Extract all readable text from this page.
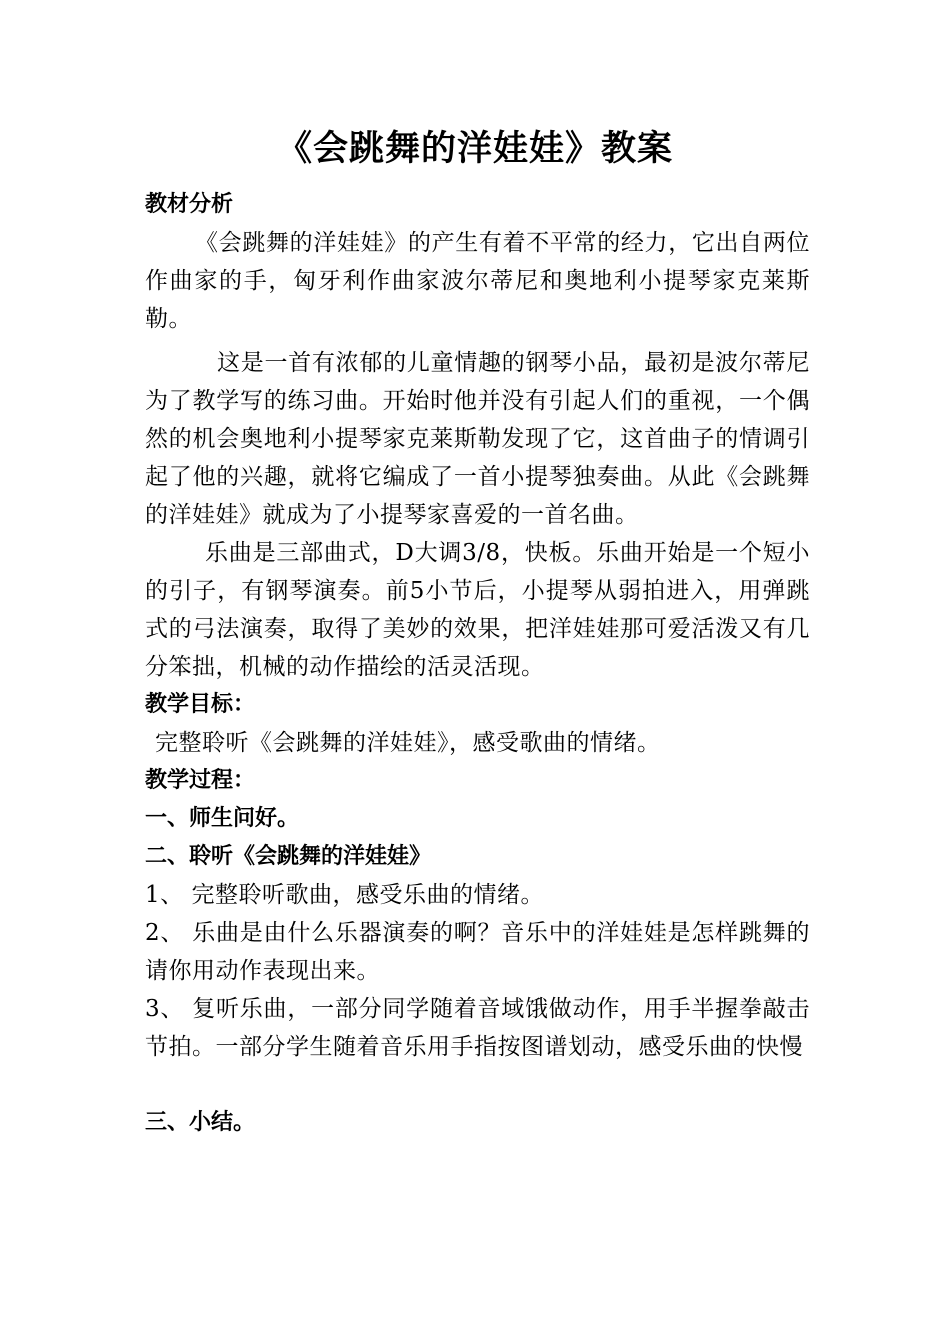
《会跳舞的洋娃娃》教案

教材分析

《会跳舞的洋娃娃》的产生有着不平常的经力，它出自两位作曲家的手，匈牙利作曲家波尔蒂尼和奥地利小提琴家克莱斯勒。

这是一首有浓郁的儿童情趣的钢琴小品，最初是波尔蒂尼为了教学写的练习曲。开始时他并没有引起人们的重视，一个偶然的机会奥地利小提琴家克莱斯勒发现了它，这首曲子的情调引起了他的兴趣，就将它编成了一首小提琴独奏曲。从此《会跳舞的洋娃娃》就成为了小提琴家喜爱的一首名曲。

乐曲是三部曲式，D大调3/8，快板。乐曲开始是一个短小的引子，有钢琴演奏。前5小节后，小提琴从弱拍进入，用弹跳式的弓法演奏，取得了美妙的效果，把洋娃娃那可爱活泼又有几分笨拙，机械的动作描绘的活灵活现。

教学目标：

完整聆听《会跳舞的洋娃娃》，感受歌曲的情绪。

教学过程：

一、师生问好。

二、聆听《会跳舞的洋娃娃》

1、 完整聆听歌曲，感受乐曲的情绪。

2、 乐曲是由什么乐器演奏的啊？音乐中的洋娃娃是怎样跳舞的请你用动作表现出来。

3、 复听乐曲，一部分同学随着音域饿做动作，用手半握拳敲击节拍。一部分学生随着音乐用手指按图谱划动，感受乐曲的快慢

三、小结。
